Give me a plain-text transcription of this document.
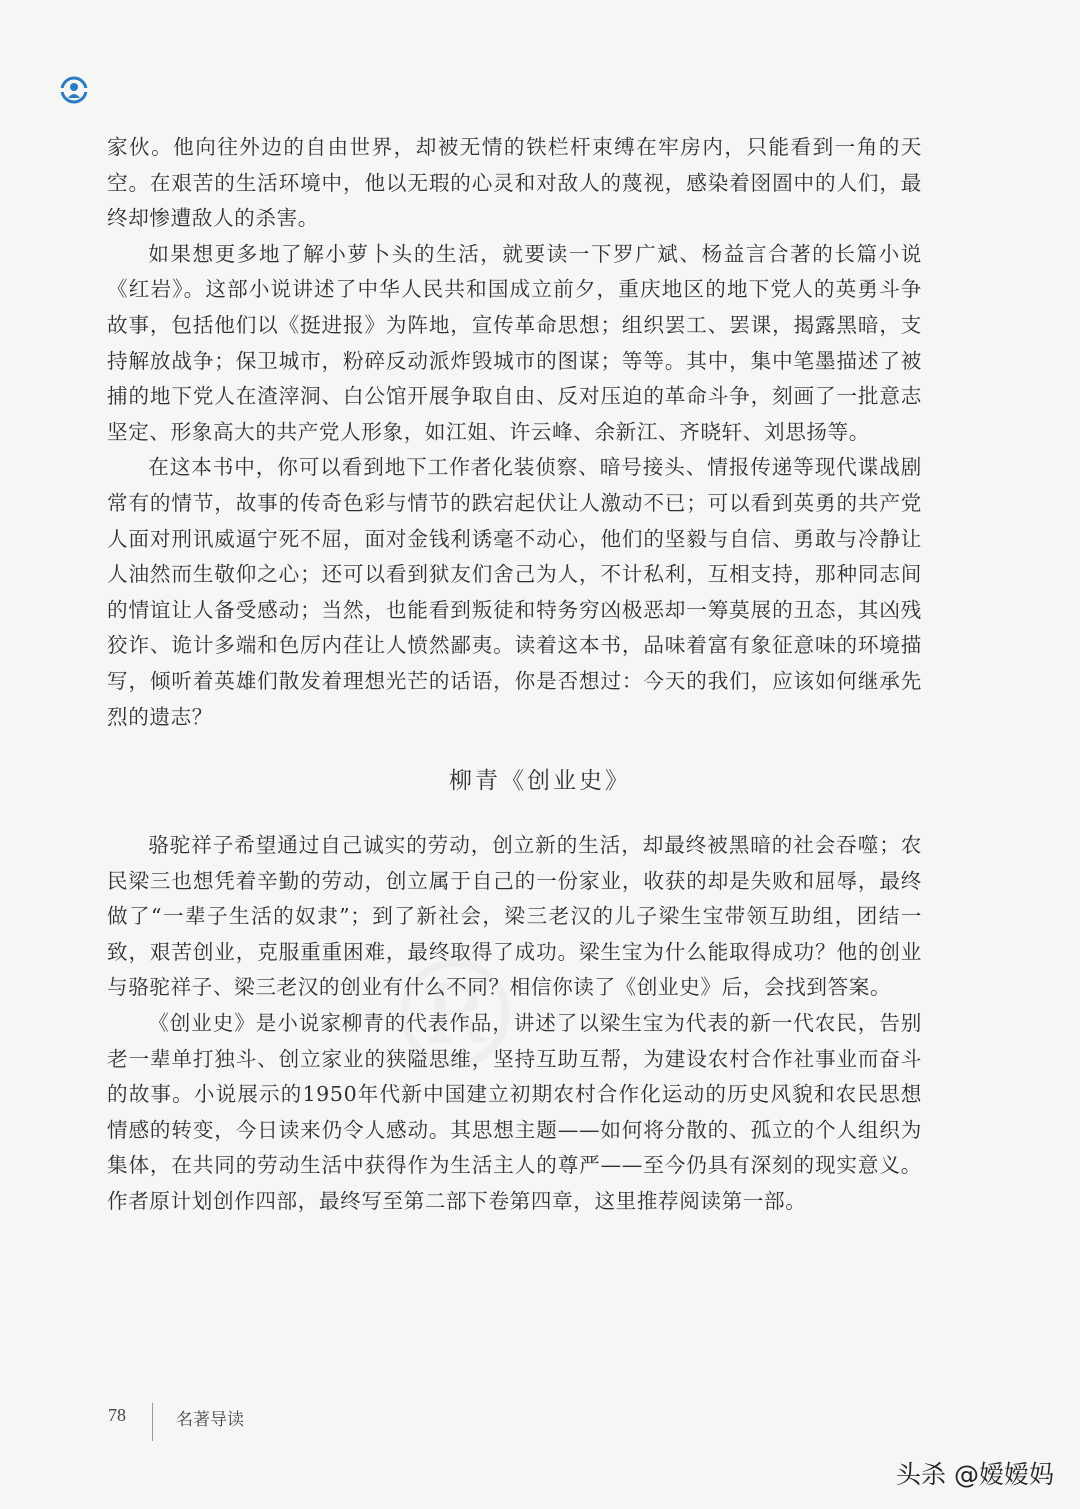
家伙。他向往外边的自由世界，却被无情的铁栏杆束缚在牢房内，只能看到一角的天空。在艰苦的生活环境中，他以无瑕的心灵和对敌人的蔑视，感染着囹圄中的人们，最终却惨遭敌人的杀害。

如果想更多地了解小萝卜头的生活，就要读一下罗广斌、杨益言合著的长篇小说《红岩》。这部小说讲述了中华人民共和国成立前夕，重庆地区的地下党人的英勇斗争故事，包括他们以《挺进报》为阵地，宣传革命思想；组织罢工、罢课，揭露黑暗，支持解放战争；保卫城市，粉碎反动派炸毁城市的图谋；等等。其中，集中笔墨描述了被捕的地下党人在渣滓洞、白公馆开展争取自由、反对压迫的革命斗争，刻画了一批意志坚定、形象高大的共产党人形象，如江姐、许云峰、余新江、齐晓轩、刘思扬等。

在这本书中，你可以看到地下工作者化装侦察、暗号接头、情报传递等现代谍战剧常有的情节，故事的传奇色彩与情节的跌宕起伏让人激动不已；可以看到英勇的共产党人面对刑讯威逼宁死不屈，面对金钱利诱毫不动心，他们的坚毅与自信、勇敢与冷静让人油然而生敬仰之心；还可以看到狱友们舍己为人，不计私利，互相支持，那种同志间的情谊让人备受感动；当然，也能看到叛徒和特务穷凶极恶却一筹莫展的丑态，其凶残狡诈、诡计多端和色厉内荏让人愤然鄙夷。读着这本书，品味着富有象征意味的环境描写，倾听着英雄们散发着理想光芒的话语，你是否想过：今天的我们，应该如何继承先烈的遗志？

柳青《创业史》

骆驼祥子希望通过自己诚实的劳动，创立新的生活，却最终被黑暗的社会吞噬；农民梁三也想凭着辛勤的劳动，创立属于自己的一份家业，收获的却是失败和屈辱，最终做了“一辈子生活的奴隶”；到了新社会，梁三老汉的儿子梁生宝带领互助组，团结一致，艰苦创业，克服重重困难，最终取得了成功。梁生宝为什么能取得成功？他的创业与骆驼祥子、梁三老汉的创业有什么不同？相信你读了《创业史》后，会找到答案。

《创业史》是小说家柳青的代表作品，讲述了以梁生宝为代表的新一代农民，告别老一辈单打独斗、创立家业的狭隘思维，坚持互助互帮，为建设农村合作社事业而奋斗的故事。小说展示的1950年代新中国建立初期农村合作化运动的历史风貌和农民思想情感的转变，今日读来仍令人感动。其思想主题——如何将分散的、孤立的个人组织为集体，在共同的劳动生活中获得作为生活主人的尊严——至今仍具有深刻的现实意义。作者原计划创作四部，最终写至第二部下卷第四章，这里推荐阅读第一部。

78	名著导读
头杀 @嫒嫒妈
